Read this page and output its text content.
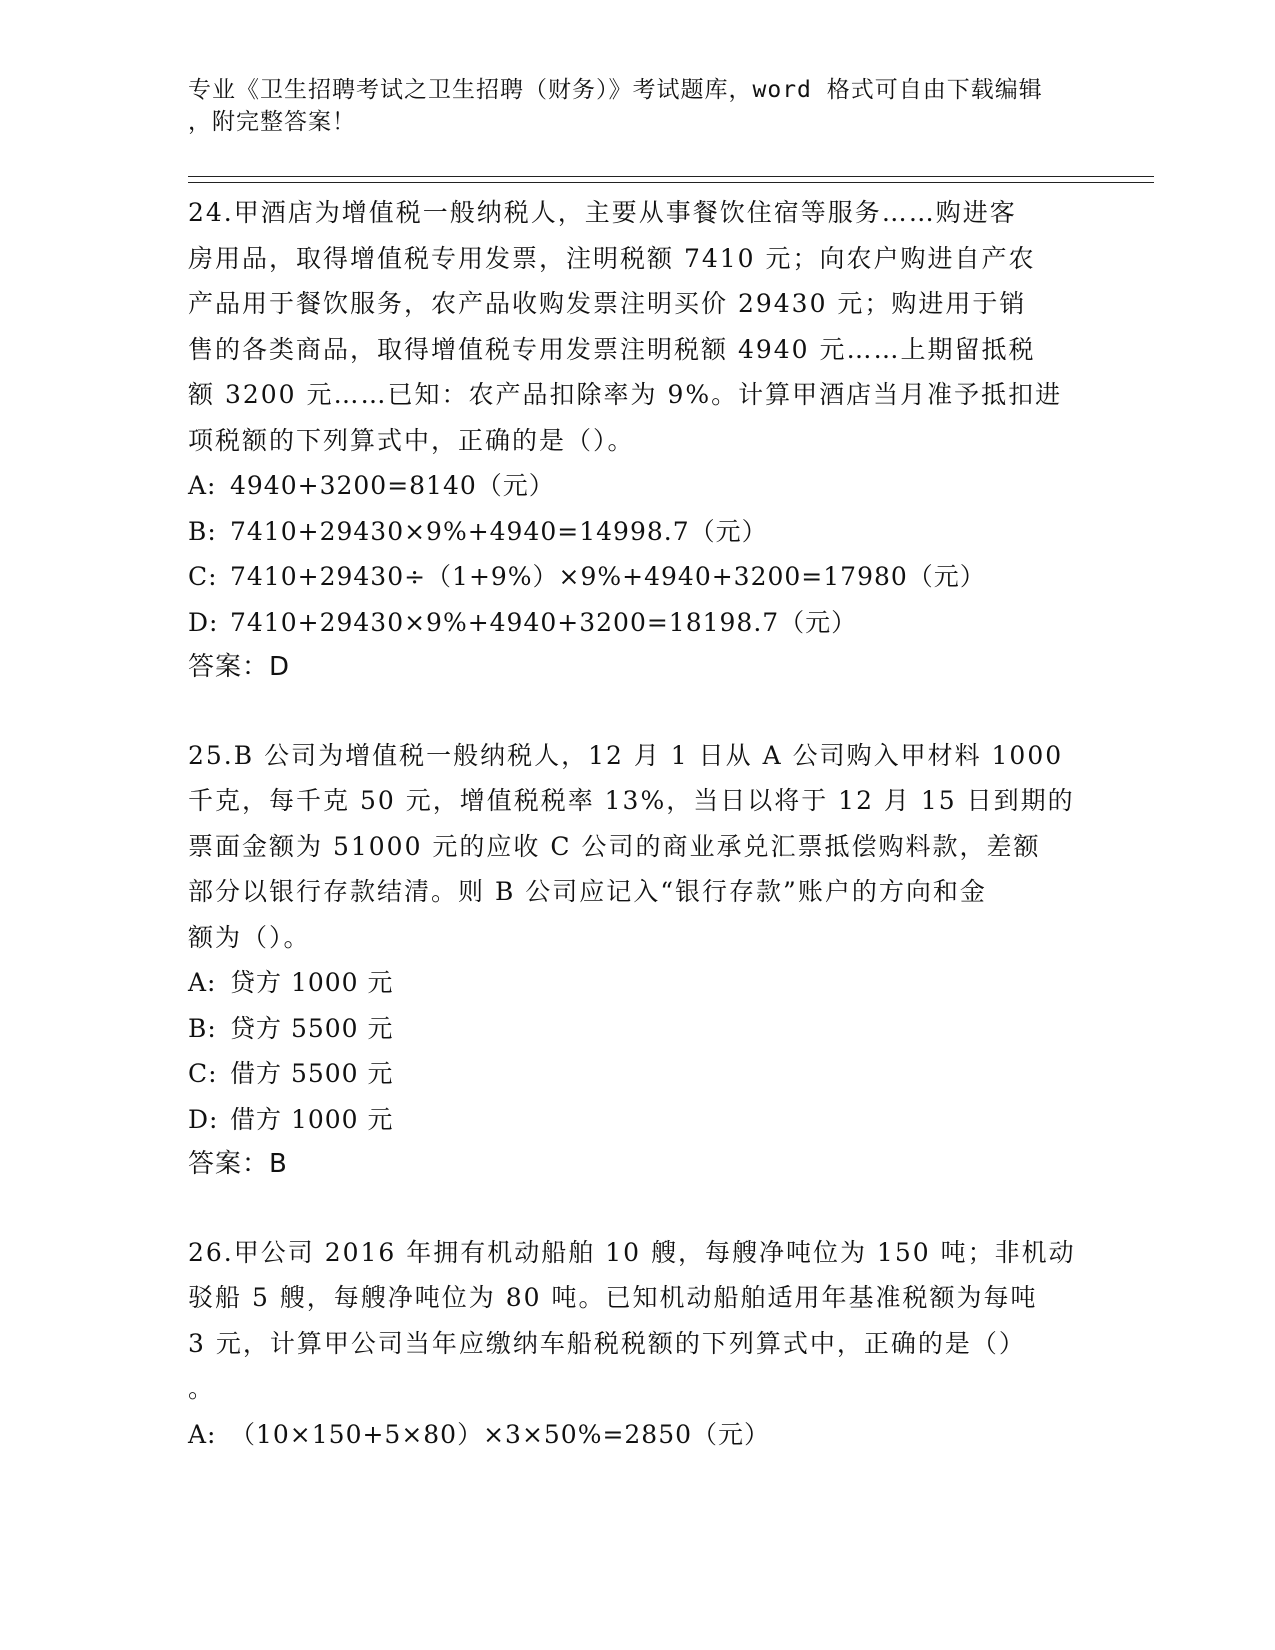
专业《卫生招聘考试之卫生招聘（财务）》考试题库，word 格式可自由下载编辑
，附完整答案！
24.甲酒店为增值税一般纳税人，主要从事餐饮住宿等服务……购进客
房用品，取得增值税专用发票，注明税额 7410 元；向农户购进自产农
产品用于餐饮服务，农产品收购发票注明买价 29430 元；购进用于销
售的各类商品，取得增值税专用发票注明税额 4940 元……上期留抵税
额 3200 元……已知：农产品扣除率为 9%。计算甲酒店当月准予抵扣进
项税额的下列算式中，正确的是（）。
A: 4940+3200=8140（元）
B: 7410+29430×9%+4940=14998.7（元）
C: 7410+29430÷（1+9%）×9%+4940+3200=17980（元）
D: 7410+29430×9%+4940+3200=18198.7（元）
答案：D
25.B 公司为增值税一般纳税人，12 月 1 日从 A 公司购入甲材料 1000
千克，每千克 50 元，增值税税率 13%，当日以将于 12 月 15 日到期的
票面金额为 51000 元的应收 C 公司的商业承兑汇票抵偿购料款，差额
部分以银行存款结清。则 B 公司应记入“银行存款”账户的方向和金
额为（）。
A: 贷方 1000 元
B: 贷方 5500 元
C: 借方 5500 元
D: 借方 1000 元
答案：B
26.甲公司 2016 年拥有机动船舶 10 艘，每艘净吨位为 150 吨；非机动
驳船 5 艘，每艘净吨位为 80 吨。已知机动船舶适用年基准税额为每吨
3 元，计算甲公司当年应缴纳车船税税额的下列算式中，正确的是（）
。
A: （10×150+5×80）×3×50%=2850（元）
